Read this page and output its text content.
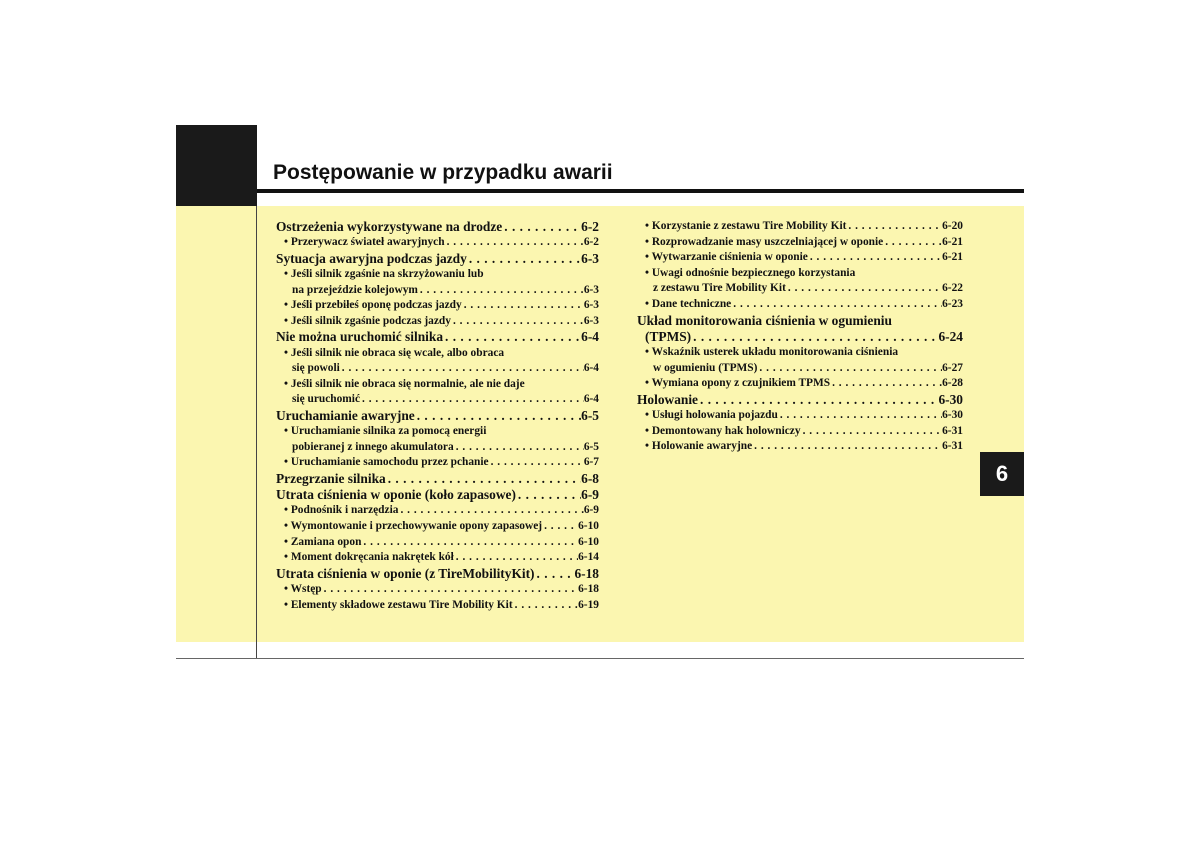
Postępowanie w przypadku awarii
6
Ostrzeżenia wykorzystywane na drodze . . .	6-2
• Przerywacz świateł awaryjnych . . .	6-2
Sytuacja awaryjna podczas jazdy . . .	6-3
• Jeśli silnik zgaśnie na skrzyżowaniu lub
na przejeździe kolejowym . . .	6-3
• Jeśli przebiłeś oponę podczas jazdy . . .	6-3
• Jeśli silnik zgaśnie podczas jazdy . . .	6-3
Nie można uruchomić silnika . . .	6-4
• Jeśli silnik nie obraca się wcale, albo obraca
się powoli . . .	6-4
• Jeśli silnik nie obraca się normalnie, ale nie daje
się uruchomić . . .	6-4
Uruchamianie awaryjne . . .	6-5
• Uruchamianie silnika za pomocą energii
pobieranej z innego akumulatora . . .	6-5
• Uruchamianie samochodu przez pchanie . . .	6-7
Przegrzanie silnika . . .	6-8
Utrata ciśnienia w oponie (koło zapasowe) . . .	6-9
• Podnośnik i narzędzia . . .	6-9
• Wymontowanie i przechowywanie opony zapasowej . . .	6-10
• Zamiana opon . . .	6-10
• Moment dokręcania nakrętek kół . . .	6-14
Utrata ciśnienia w oponie (z TireMobilityKit) . . .	6-18
• Wstęp . . .	6-18
• Elementy składowe zestawu Tire Mobility Kit . . .	6-19
• Korzystanie z zestawu Tire Mobility Kit . . .	6-20
• Rozprowadzanie masy uszczelniającej w oponie . . .	6-21
• Wytwarzanie ciśnienia w oponie . . .	6-21
• Uwagi odnośnie bezpiecznego korzystania
z zestawu Tire Mobility Kit . . .	6-22
• Dane techniczne . . .	6-23
Układ monitorowania ciśnienia w ogumieniu
(TPMS) . . .	6-24
• Wskaźnik usterek układu monitorowania ciśnienia
w ogumieniu (TPMS) . . .	6-27
• Wymiana opony z czujnikiem TPMS . . .	6-28
Holowanie . . .	6-30
• Usługi holowania pojazdu . . .	6-30
• Demontowany hak holowniczy . . .	6-31
• Holowanie awaryjne . . .	6-31
